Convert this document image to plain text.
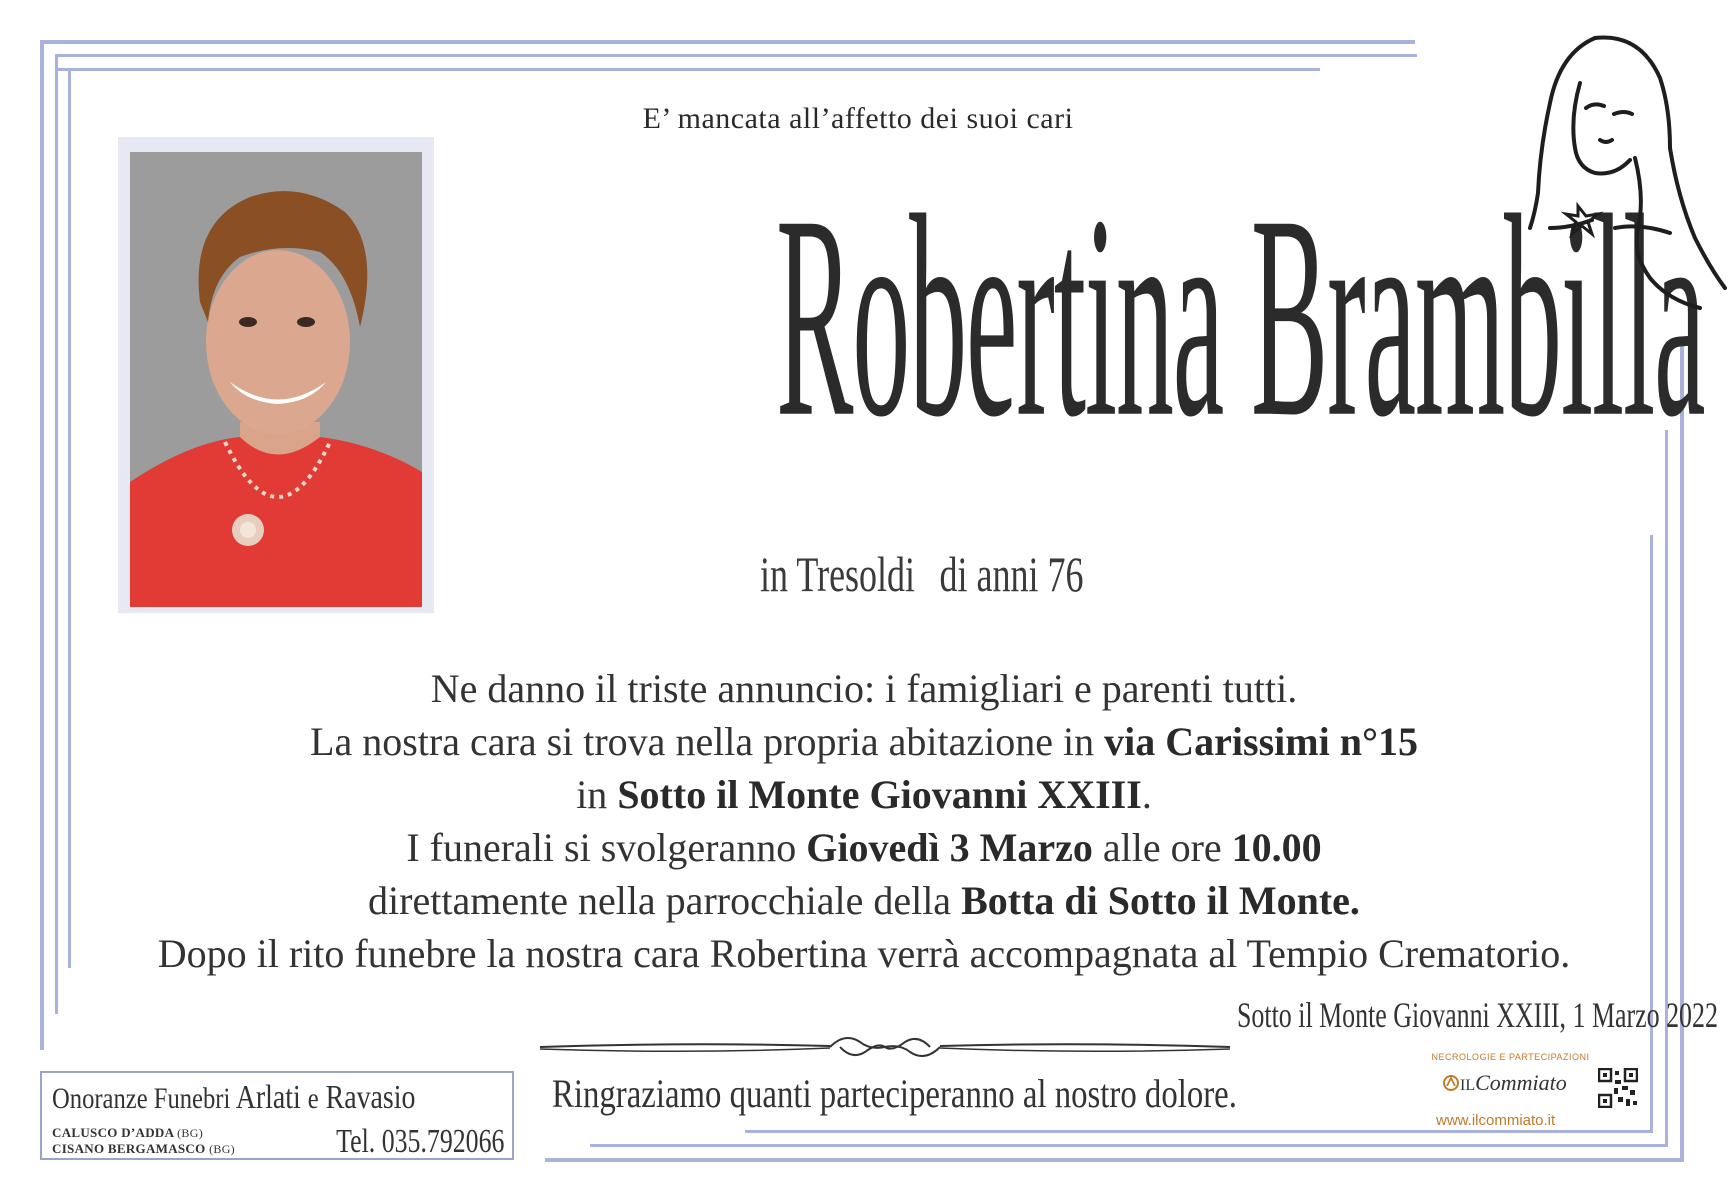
E’ mancata all’affetto dei suoi cari
Robertina Brambilla
in Tresoldi di anni 76
Ne danno il triste annuncio: i famigliari e parenti tutti.
La nostra cara si trova nella propria abitazione in via Carissimi n°15
in Sotto il Monte Giovanni XXIII.
I funerali si svolgeranno Giovedì 3 Marzo alle ore 10.00
direttamente nella parrocchiale della Botta di Sotto il Monte.
Dopo il rito funebre la nostra cara Robertina verrà accompagnata al Tempio Crematorio.
Sotto il Monte Giovanni XXIII, 1 Marzo 2022
Ringraziamo quanti parteciperanno al nostro dolore.
Onoranze Funebri Arlati e Ravasio
CALUSCO D’ADDA (BG)
CISANO BERGAMASCO (BG)	Tel. 035.792066
NECROLOGIE E PARTECIPAZIONI
ILCommiato
www.ilcommiato.it
